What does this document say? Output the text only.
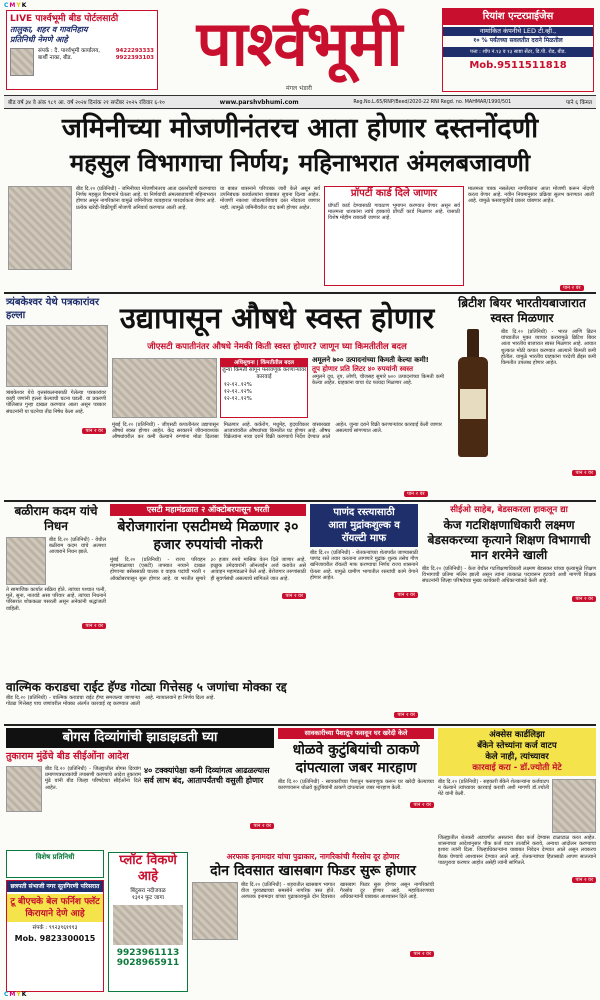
CMYK
LIVE पार्श्वभूमी बीड पोर्टलसाठी
तालुका, शहर व गावनिहाय
प्रतिनिधी नेमणे आहे
संपर्क : दै. पार्श्वभूमी कार्यालय,
बार्शी नाका, बीड.
9422293333
9922393103 पार्श्वभूमी
मंगल भंडारी
रियांश एन्टरप्राईजेस
नामांकित कंपनीचे LED टी.व्ही.,
१० % पर्यंतच्या सवलतीत दराने मिळतील
पत्ता : शॉप नं.१३ व १३ साष्टा सेंटर, डि.पी. रोड, बीड.
Mob.9511511818
बीड वर्ष ३४ वे अंक ९८९ आ. वर्ष २०२४ दिनांक २१ सप्टेंबर २०२५ रविवार ६-१०	www.parshvbhumi.com	Reg.No.L.65/RNP/Beed/2020-22 RNI Regd. no. MAHMAR/1990/501	पाने ६ किंमत
जमिनीच्या मोजणीनंतरच आता होणार दस्तनोंदणी
महसुल विभागाचा निर्णय; महिनाभरात अंमलबजावणी
बीड दि.२० (प्रतिनिधी) - जमिनीच्या मोजणीनंतरच आता दस्तनोंदणी करण्याचा निर्णय महसुल विभागाने घेतला आहे. या निर्णयाची अंमलबजावणी महिनाभरात होणार असून नागरिकांना यामुळे जमिनीच्या व्यवहारात पारदर्शकता येणार आहे. प्रत्येक खरेदी-विक्रीपूर्वी मोजणी अनिवार्य करण्यात आली आहे.
या बाबत शासनाने परिपत्रक जारी केले असून सर्व उपनिबंधक कार्यालयांना याबाबत सूचना दिल्या आहेत. मोजणी नकाशा जोडल्याशिवाय दस्त नोंदवला जाणार नाही. त्यामुळे जमिनीवरील वाद कमी होणार आहेत.
प्रॉपर्टी कार्ड दिले जाणार
प्रॉपर्टी कार्ड देण्यासाठी गावठाण भूमापन करण्यात येणार असून सर्व मालमत्ता धारकांना त्यांचे हक्काचे प्रॉपर्टी कार्ड मिळणार आहे. यासाठी विशेष मोहीम राबवली जाणार आहे.
मालमत्ता पत्रक नसलेल्या नागरिकांना आता मोजणी करून नोंदणी करता येणार आहे. नवीन नियमानुसार प्रक्रिया सुलभ करण्यात आली आहे. यामुळे फसवणुकीचे प्रकार थांबणार आहेत.
पान २ वर
त्र्यंबकेश्वर येथे पत्रकारांवर हल्ला
त्र्यंबकेश्वर येथे वृत्तसंकलनासाठी गेलेल्या पत्रकारांवर काही जणांनी हल्ला केल्याची घटना घडली. या प्रकरणी पोलिसात गुन्हा दाखल करण्यात आला असून पत्रकार संघटनांनी या घटनेचा तीव्र निषेध केला आहे.
पान २ वर
उद्यापासून औषधे स्वस्त होणार
जीएसटी कपातीनंतर औषधे नेमकी किती स्वस्त होणार? जाणून घ्या किमतीतील बदल
अधिसूचना | किंमतीतील बदल
जुन्या किंमती सांगून फसवणूक करणाऱ्यांवर कारवाई
१२-१२..१२%
१२-१२..१२%
१२-१२..१२%
अमूलने ७०० उत्पादनांच्या किमती केल्या कमी!
तूप होणार प्रति लिटर ४० रुपयांनी स्वस्त
अमूलने दूध, तूप, लोणी, चीजसह सुमारे ७०० उत्पादनांच्या किमती कमी केल्या आहेत. ग्राहकांना याचा थेट फायदा मिळणार आहे.
मुंबई दि.२० (प्रतिनिधी) - जीएसटी कपातीनंतर उद्यापासून औषधे स्वस्त होणार आहेत. केंद्र सरकारने जीवनावश्यक औषधांवरील कर कमी केल्याने रुग्णांना मोठा दिलासा मिळणार आहे. कर्करोग, मधुमेह, हृदयविकार यांसारख्या आजारांवरील औषधांच्या किमतीत घट होणार आहे. औषध विक्रेत्यांना नव्या दराने विक्री करण्याचे निर्देश देण्यात आले आहेत. जुन्या दराने विक्री करणाऱ्यांवर कारवाई केली जाणार असल्याचे सांगण्यात आले.
पान २ वर
ब्रिटीश बियर भारतीयबाजारात स्वस्त मिळणार
बीड दि.२० (प्रतिनिधी) - भारत आणि ब्रिटन यांच्यातील मुक्त व्यापार करारामुळे ब्रिटिश बियर आता भारतीय बाजारात स्वस्त मिळणार आहे. आयात शुल्कात मोठी कपात करण्यात आल्याने किमती कमी होतील. यामुळे भारतीय ग्राहकांना परदेशी ब्रँड्स कमी किमतीत उपलब्ध होणार आहेत.
पान २ वर
बळीराम कदम यांचे निधन
बीड दि.२० (प्रतिनिधी) - येथील बळीराम कदम यांचे अल्पशा आजाराने निधन झाले.
ते सामाजिक कार्यात सक्रिय होते. त्यांच्या पश्चात पत्नी, मुले, सुना, नातवंडे असा परिवार आहे. त्यांच्या निधनाने परिसरात शोककळा पसरली असून अनेकांनी श्रद्धांजली वाहिली.
पान २ वर
एसटी महामंडळात २ ऑक्टोबरपासून भरती
बेरोजगारांना एसटीमध्ये मिळणार ३० हजार रुपयांची नोकरी
मुंबई दि.२० (प्रतिनिधी) - राज्य परिवहन महामंडळाच्या (एसटी) ताफ्यात नव्याने दाखल होणाऱ्या बसेससाठी चालक व वाहक पदांची भरती २ ऑक्टोबरपासून सुरू होणार आहे. या भरतीत सुमारे ३० हजार रुपये मासिक वेतन दिले जाणार आहे. इच्छुक उमेदवारांनी ऑनलाईन अर्ज करावेत असे आवाहन महामंडळाने केले आहे. बेरोजगार तरुणांसाठी ही सुवर्णसंधी असल्याचे सांगितले जात आहे.
पान २ वर
पाणंद रस्त्यासाठी
आता मुद्रांकशुल्क व
रॉयल्टी माफ
बीड दि.२० (प्रतिनिधी) - शेतकऱ्यांच्या शेतापर्यंत जाण्यासाठी पाणंद रस्ते तयार करताना लागणारे मुद्रांक शुल्क तसेच गौण खनिजावरील रॉयल्टी माफ करण्याचा निर्णय राज्य शासनाने घेतला आहे. यामुळे ग्रामीण भागातील रस्त्यांची कामे वेगाने होणार आहेत.
पान २ वर
सीईओ साहेब, बेडसकरला हाकलून द्या
केज गटशिक्षणाधिकारी लक्ष्मण बेडसकरच्या कृत्याने शिक्षण विभागाची मान शरमेने खाली
बीड दि.२० (प्रतिनिधी) - केज येथील गटशिक्षणाधिकारी लक्ष्मण बेडसकर यांच्या कृत्यामुळे शिक्षण विभागाची प्रतिमा मलिन झाली असून त्यांना तात्काळ पदावरून हटवावे अशी मागणी शिक्षक संघटनांनी जिल्हा परिषदेच्या मुख्य कार्यकारी अधिकाऱ्यांकडे केली आहे.
पान २ वर
वाल्मिक कराडचा राईट हॅण्ड गोट्या गित्तेसह ५ जणांचा मोक्का रद्द
बीड दि.२० (प्रतिनिधी) - वाल्मिक कराडचा राईट हॅण्ड समजल्या जाणाऱ्या गोट्या गित्तेसह पाच जणांवरील मोक्का अंतर्गत कारवाई रद्द करण्यात आली आहे. न्यायालयाने हा निर्णय दिला आहे.
पान २ वर
बोगस दिव्यांगांची झाडाझडती घ्या
तुकाराम मुंढेंचे बीड सीईओंना आदेश
बीड दि.२० (प्रतिनिधी) - जिल्ह्यातील बोगस दिव्यांग प्रमाणपत्रधारकांची तपासणी करण्याचे आदेश तुकाराम मुंढे यांनी बीड जिल्हा परिषदेच्या सीईओंना दिले आहेत.
४० टक्क्यांपेक्षा कमी दिव्यांगत्व आढळल्यास सर्व लाभ बंद, आतापर्यंतची वसुली होणार
पान २ वर
सावकारीच्या पैशातून फसवून घर खरेदी केले
धोळवे कुटुंबियांची ठाकणे दांपत्याला जबर मारहाण
बीड दि.२० (प्रतिनिधी) - सावकारीच्या पैशातून फसवणूक करून घर खरेदी केल्याच्या कारणावरून धोळवे कुटुंबियांनी ठाकणे दांपत्याला जबर मारहाण केली.
पान २ वर
अंक्सेस कार्डलिझा
बँकेने स्तेच्यांना कर्ज वाटप
केले नाही, त्यांच्यावर
कारवाई करा - डॉ.ज्योती मेटे
बीड दि.२० (प्रतिनिधी) - सहकारी बँकेने शेतकऱ्यांना कर्जवाटप न केल्याने त्यांच्यावर कारवाई करावी अशी मागणी डॉ.ज्योती मेटे यांनी केली.
जिल्ह्यातील शेतकरी अडचणीत असताना बँका कर्ज देण्यास टाळाटाळ करत आहेत. शासनाच्या आदेशानुसार पीक कर्ज वाटप तातडीने करावे, अन्यथा आंदोलन करण्याचा इशारा त्यांनी दिला. जिल्हाधिकाऱ्यांना याबाबत निवेदन देण्यात आले असून लवकरच बैठक घेण्याचे आश्वासन देण्यात आले आहे. शेतकऱ्यांच्या हितासाठी आपण सातत्याने पाठपुरावा करणार आहोत असेही त्यांनी सांगितले.
पान २ वर
विशेष प्रतिनिधी
छत्रपती संभाजी नगर सूतगिरणी परिसरात
टू बीएचके बेल फर्निश फ्लॅट किरायाने देणे आहे
संपर्क : ९९२३९६१११३
Mob. 9823300015
प्लॉट विकणे आहे
बिंदुसरा नदीजवळ
१३१२ फुट जागा
9923961113
9028965911
अरफाक इनामदार यांचा पुढाकार, नागरिकांची गैरसोय दूर होणार
दोन दिवसात खासबाग फिडर सुरू होणार
बीड दि.२० (प्रतिनिधी) - शहरातील खासबाग भागात वीज पुरवठ्याच्या समस्येने नागरिक त्रस्त होते. अरफाक इनामदार यांच्या पुढाकारामुळे दोन दिवसात खासबाग फिडर सुरू होणार असून नागरिकांची गैरसोय दूर होणार आहे. महावितरणच्या अधिकाऱ्यांनी याबाबत आश्वासन दिले आहे.
पान २ वर
CMYK
